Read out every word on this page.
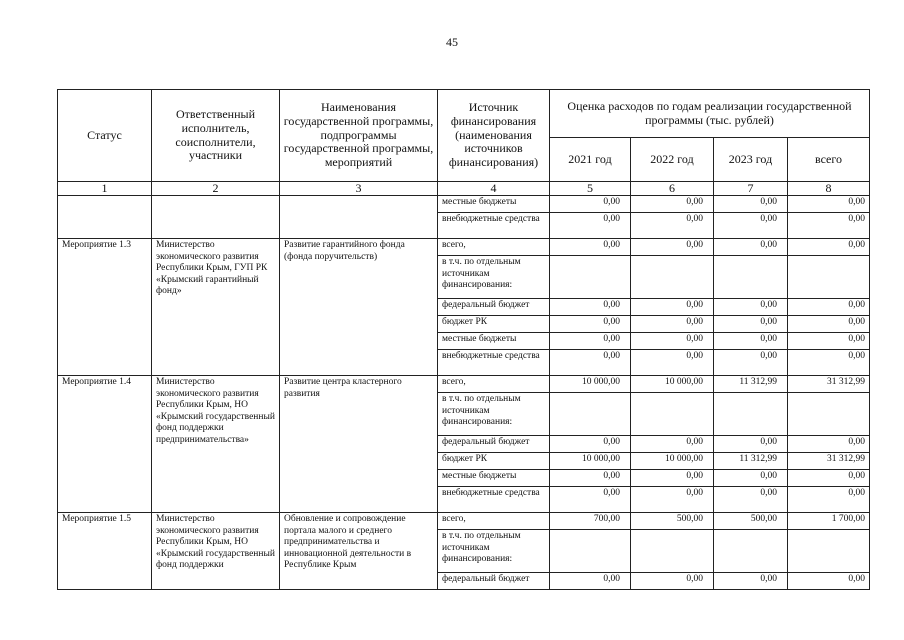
45
Статус	Ответственный исполнитель, соисполнители, участники	Наименования государственной программы, подпрограммы государственной программы, мероприятий	Источник финансирования (наименования источников финансирования)	Оценка расходов по годам реализации государственной программы (тыс. рублей)			
				2021 год	2022 год	2023 год	всего
1	2	3	4	5	6	7	8
			местные бюджеты	0,00	0,00	0,00	0,00
			внебюджетные средства	0,00	0,00	0,00	0,00
Мероприятие 1.3	Министерство экономического развития Республики Крым, ГУП РК «Крымский гарантийный фонд»	Развитие гарантийного фонда (фонда поручительств)	всего,	0,00	0,00	0,00	0,00
			в т.ч. по отдельным источникам финансирования:				
			федеральный бюджет	0,00	0,00	0,00	0,00
			бюджет РК	0,00	0,00	0,00	0,00
			местные бюджеты	0,00	0,00	0,00	0,00
			внебюджетные средства	0,00	0,00	0,00	0,00
Мероприятие 1.4	Министерство экономического развития Республики Крым, НО «Крымский государственный фонд поддержки предпринимательства»	Развитие центра кластерного развития	всего,	10 000,00	10 000,00	11 312,99	31 312,99
			в т.ч. по отдельным источникам финансирования:				
			федеральный бюджет	0,00	0,00	0,00	0,00
			бюджет РК	10 000,00	10 000,00	11 312,99	31 312,99
			местные бюджеты	0,00	0,00	0,00	0,00
			внебюджетные средства	0,00	0,00	0,00	0,00
Мероприятие 1.5	Министерство экономического развития Республики Крым, НО «Крымский государственный фонд поддержки	Обновление и сопровождение портала малого и среднего предпринимательства и инновационной деятельности в Республике Крым	всего,	700,00	500,00	500,00	1 700,00
			в т.ч. по отдельным источникам финансирования:				
			федеральный бюджет	0,00	0,00	0,00	0,00
